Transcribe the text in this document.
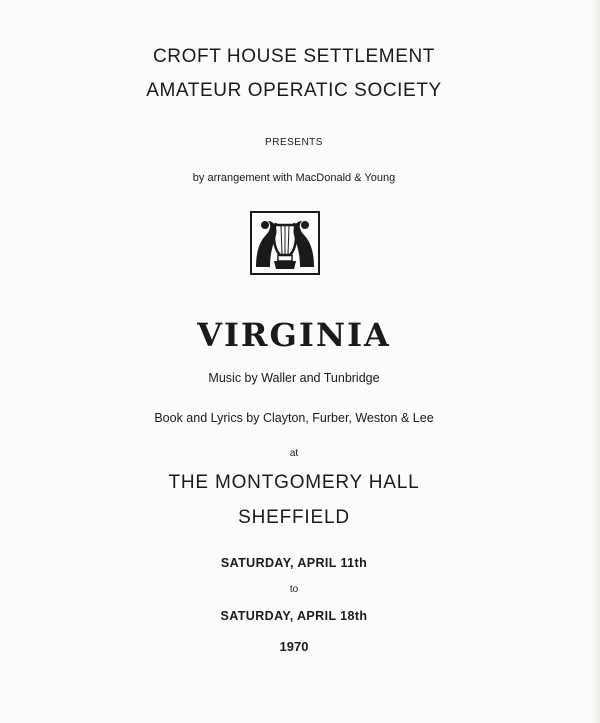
CROFT HOUSE SETTLEMENT
AMATEUR OPERATIC SOCIETY
PRESENTS
by arrangement with MacDonald & Young
VIRGINIA
Music by Waller and Tunbridge
Book and Lyrics by Clayton, Furber, Weston & Lee
at
THE MONTGOMERY HALL
SHEFFIELD
SATURDAY, APRIL 11th
to
SATURDAY, APRIL 18th
1970
